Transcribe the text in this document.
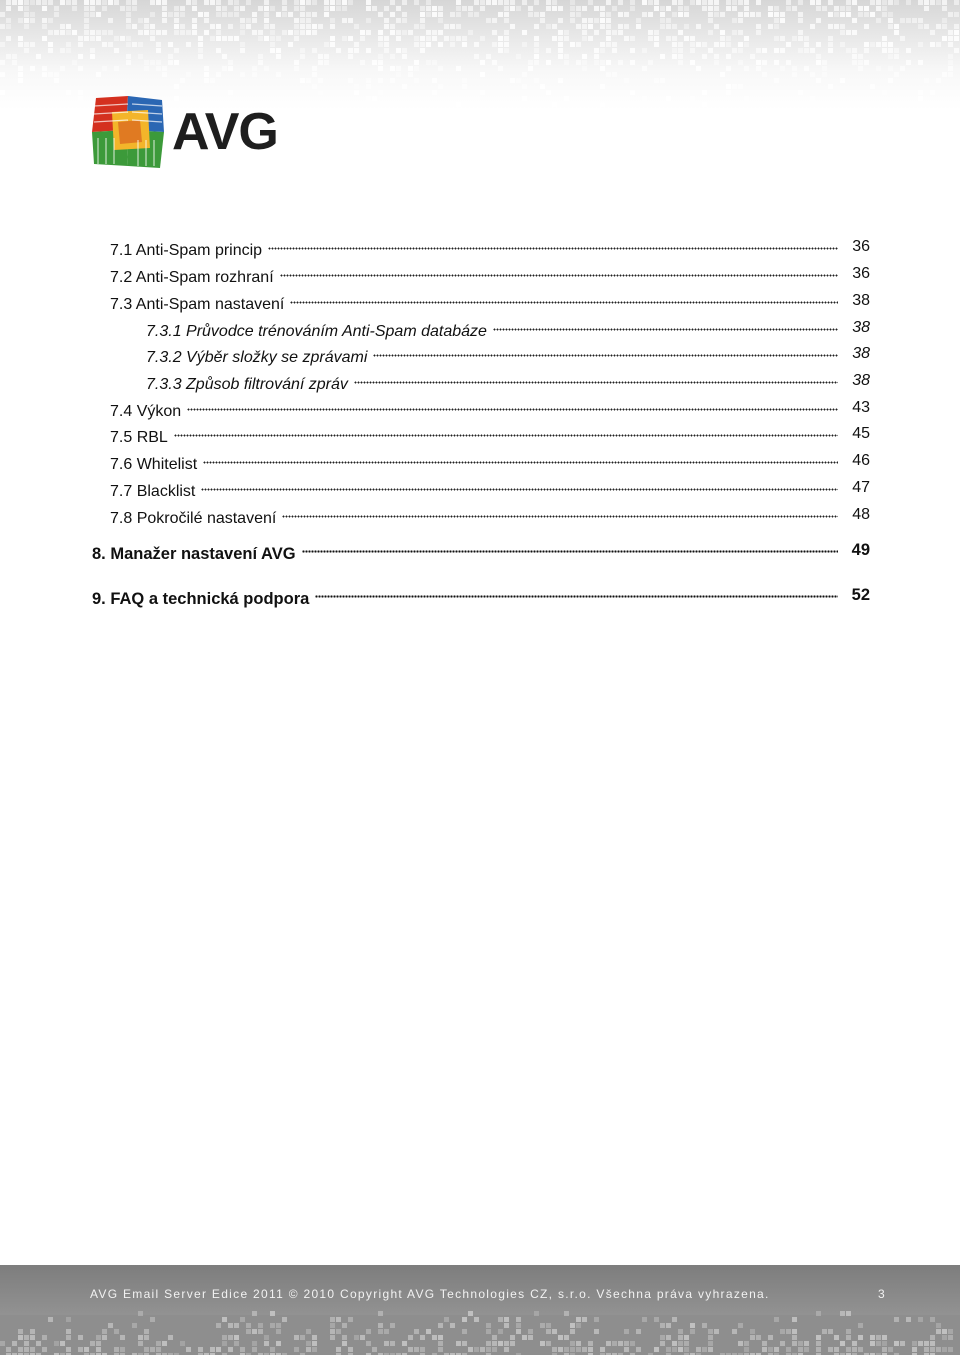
AVG
7.1 Anti-Spam princip	36
7.2 Anti-Spam rozhraní	36
7.3 Anti-Spam nastavení	38
7.3.1 Průvodce trénováním Anti-Spam databáze	38
7.3.2 Výběr složky se zprávami	38
7.3.3 Způsob filtrování zpráv	38
7.4 Výkon	43
7.5 RBL	45
7.6 Whitelist	46
7.7 Blacklist	47
7.8 Pokročilé nastavení	48
8. Manažer nastavení AVG	49
9. FAQ a technická podpora	52
AVG Email Server Edice 2011 © 2010 Copyright AVG Technologies CZ, s.r.o. Všechna práva vyhrazena.	3
